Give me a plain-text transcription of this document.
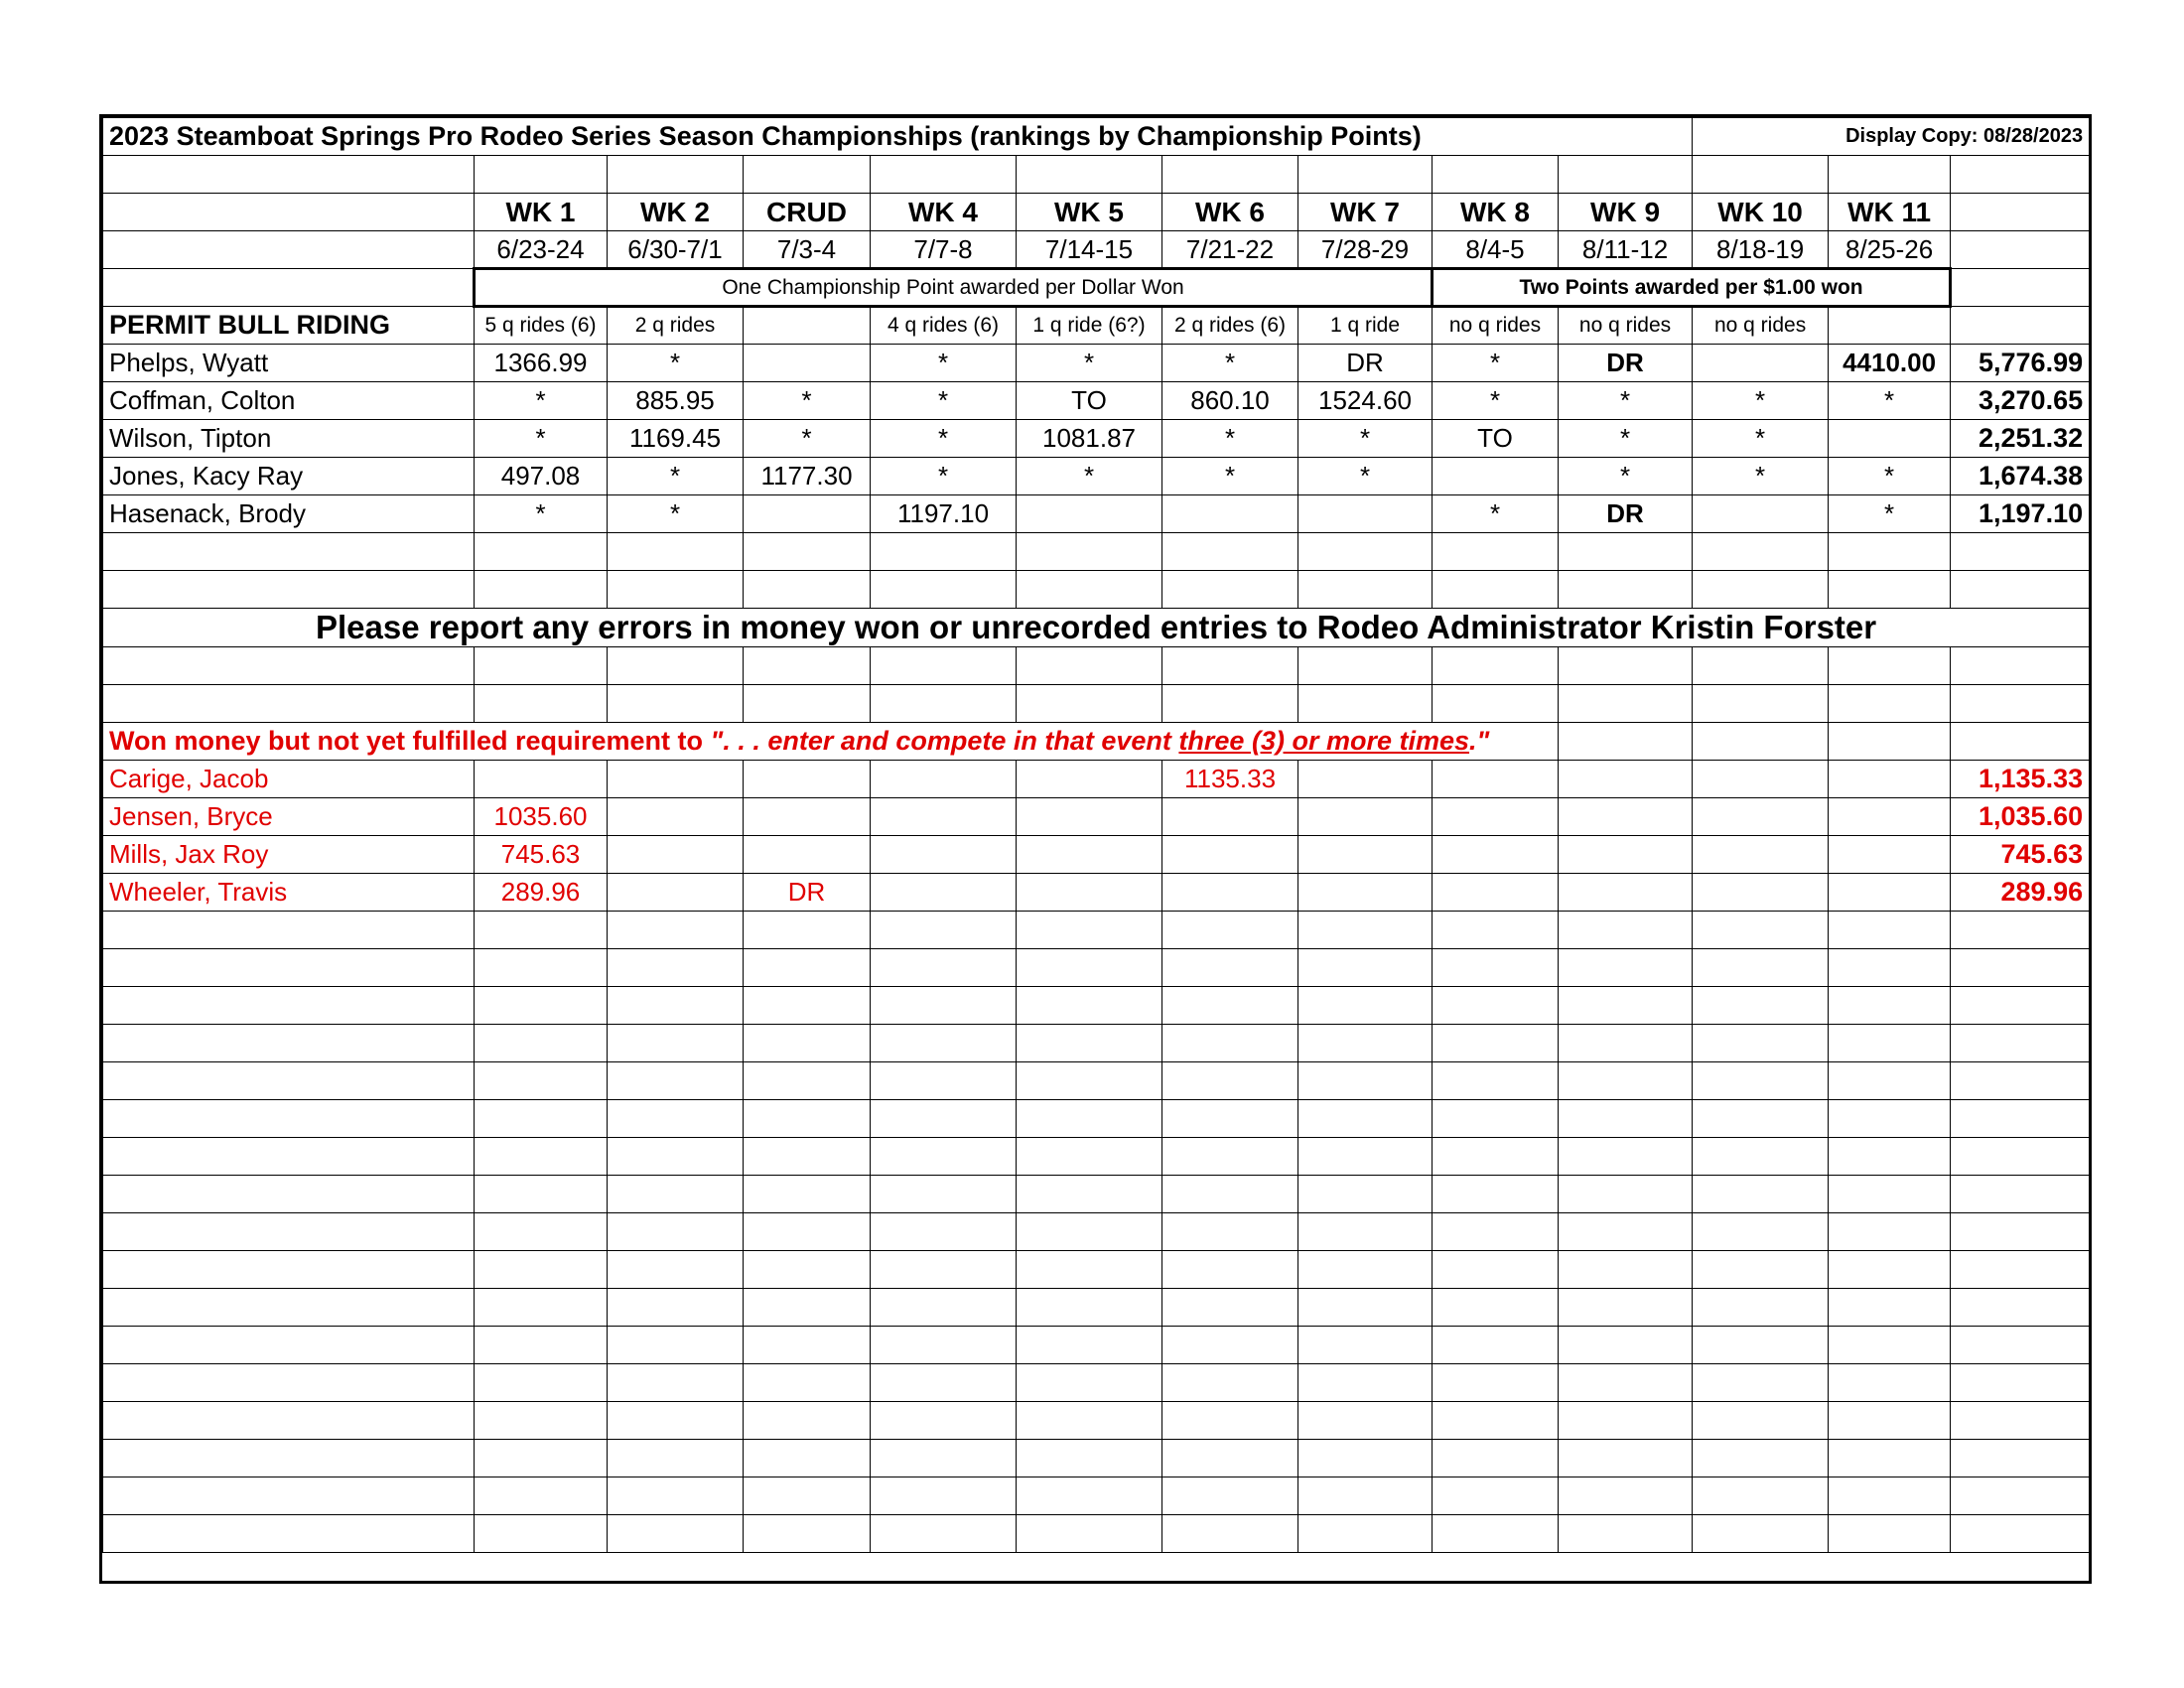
2023 Steamboat Springs Pro Rodeo Series Season Championships (rankings by Championship Points)										Display Copy: 08/28/2023		

	WK 1	WK 2	CRUD	WK 4	WK 5	WK 6	WK 7	WK 8	WK 9	WK 10	WK 11	
	6/23-24	6/30-7/1	7/3-4	7/7-8	7/14-15	7/21-22	7/28-29	8/4-5	8/11-12	8/18-19	8/25-26	
	One Championship Point awarded per Dollar Won							Two Points awarded per $1.00 won				
PERMIT BULL RIDING	5 q rides (6)	2 q rides		4 q rides (6)	1 q ride (6?)	2 q rides (6)	1 q ride	no q rides	no q rides	no q rides		
Phelps, Wyatt	1366.99	*		*	*	*	DR	*	DR		4410.00	5,776.99
Coffman, Colton	*	885.95	*	*	TO	860.10	1524.60	*	*	*	*	3,270.65
Wilson, Tipton	*	1169.45	*	*	1081.87	*	*	TO	*	*		2,251.32
Jones, Kacy Ray	497.08	*	1177.30	*	*	*	*		*	*	*	1,674.38
Hasenack, Brody	*	*		1197.10				*	DR		*	1,197.10

Please report any errors in money won or unrecorded entries to Rodeo Administrator Kristin Forster												

Won money but not yet fulfilled requirement to ". . . enter and compete in that event three (3) or more times."												
Carige, Jacob						1135.33						1,135.33
Jensen, Bryce	1035.60											1,035.60
Mills, Jax Roy	745.63											745.63
Wheeler, Travis	289.96		DR									289.96
